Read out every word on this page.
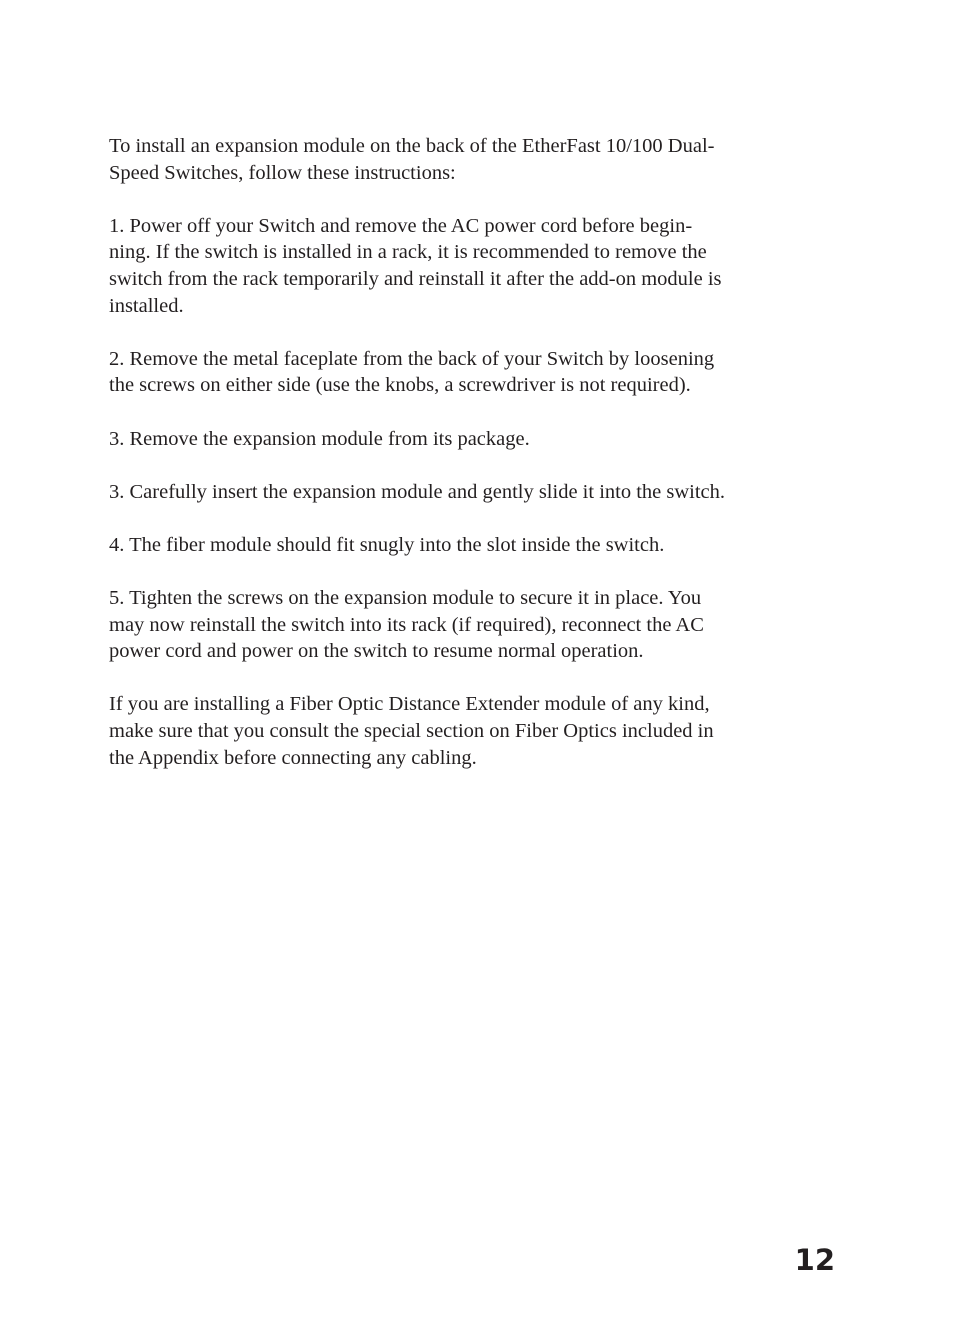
To install an expansion module on the back of the EtherFast 10/100 Dual-
Speed Switches, follow these instructions:

1. Power off your Switch and remove the AC power cord before begin-
ning. If the switch is installed in a rack, it is recommended to remove the
switch from the rack temporarily and reinstall it after the add-on module is
installed.

2. Remove the metal faceplate from the back of your Switch by loosening
the screws on either side (use the knobs, a screwdriver is not required).

3. Remove the expansion module from its package.

3. Carefully insert the expansion module and gently slide it into the switch.

4. The fiber module should fit snugly into the slot inside the switch.

5. Tighten the screws on the expansion module to secure it in place. You
may now reinstall the switch into its rack (if required), reconnect the AC
power cord and power on the switch to resume normal operation.

If you are installing a Fiber Optic Distance Extender module of any kind,
make sure that you consult the special section on Fiber Optics included in
the Appendix before connecting any cabling.

12
